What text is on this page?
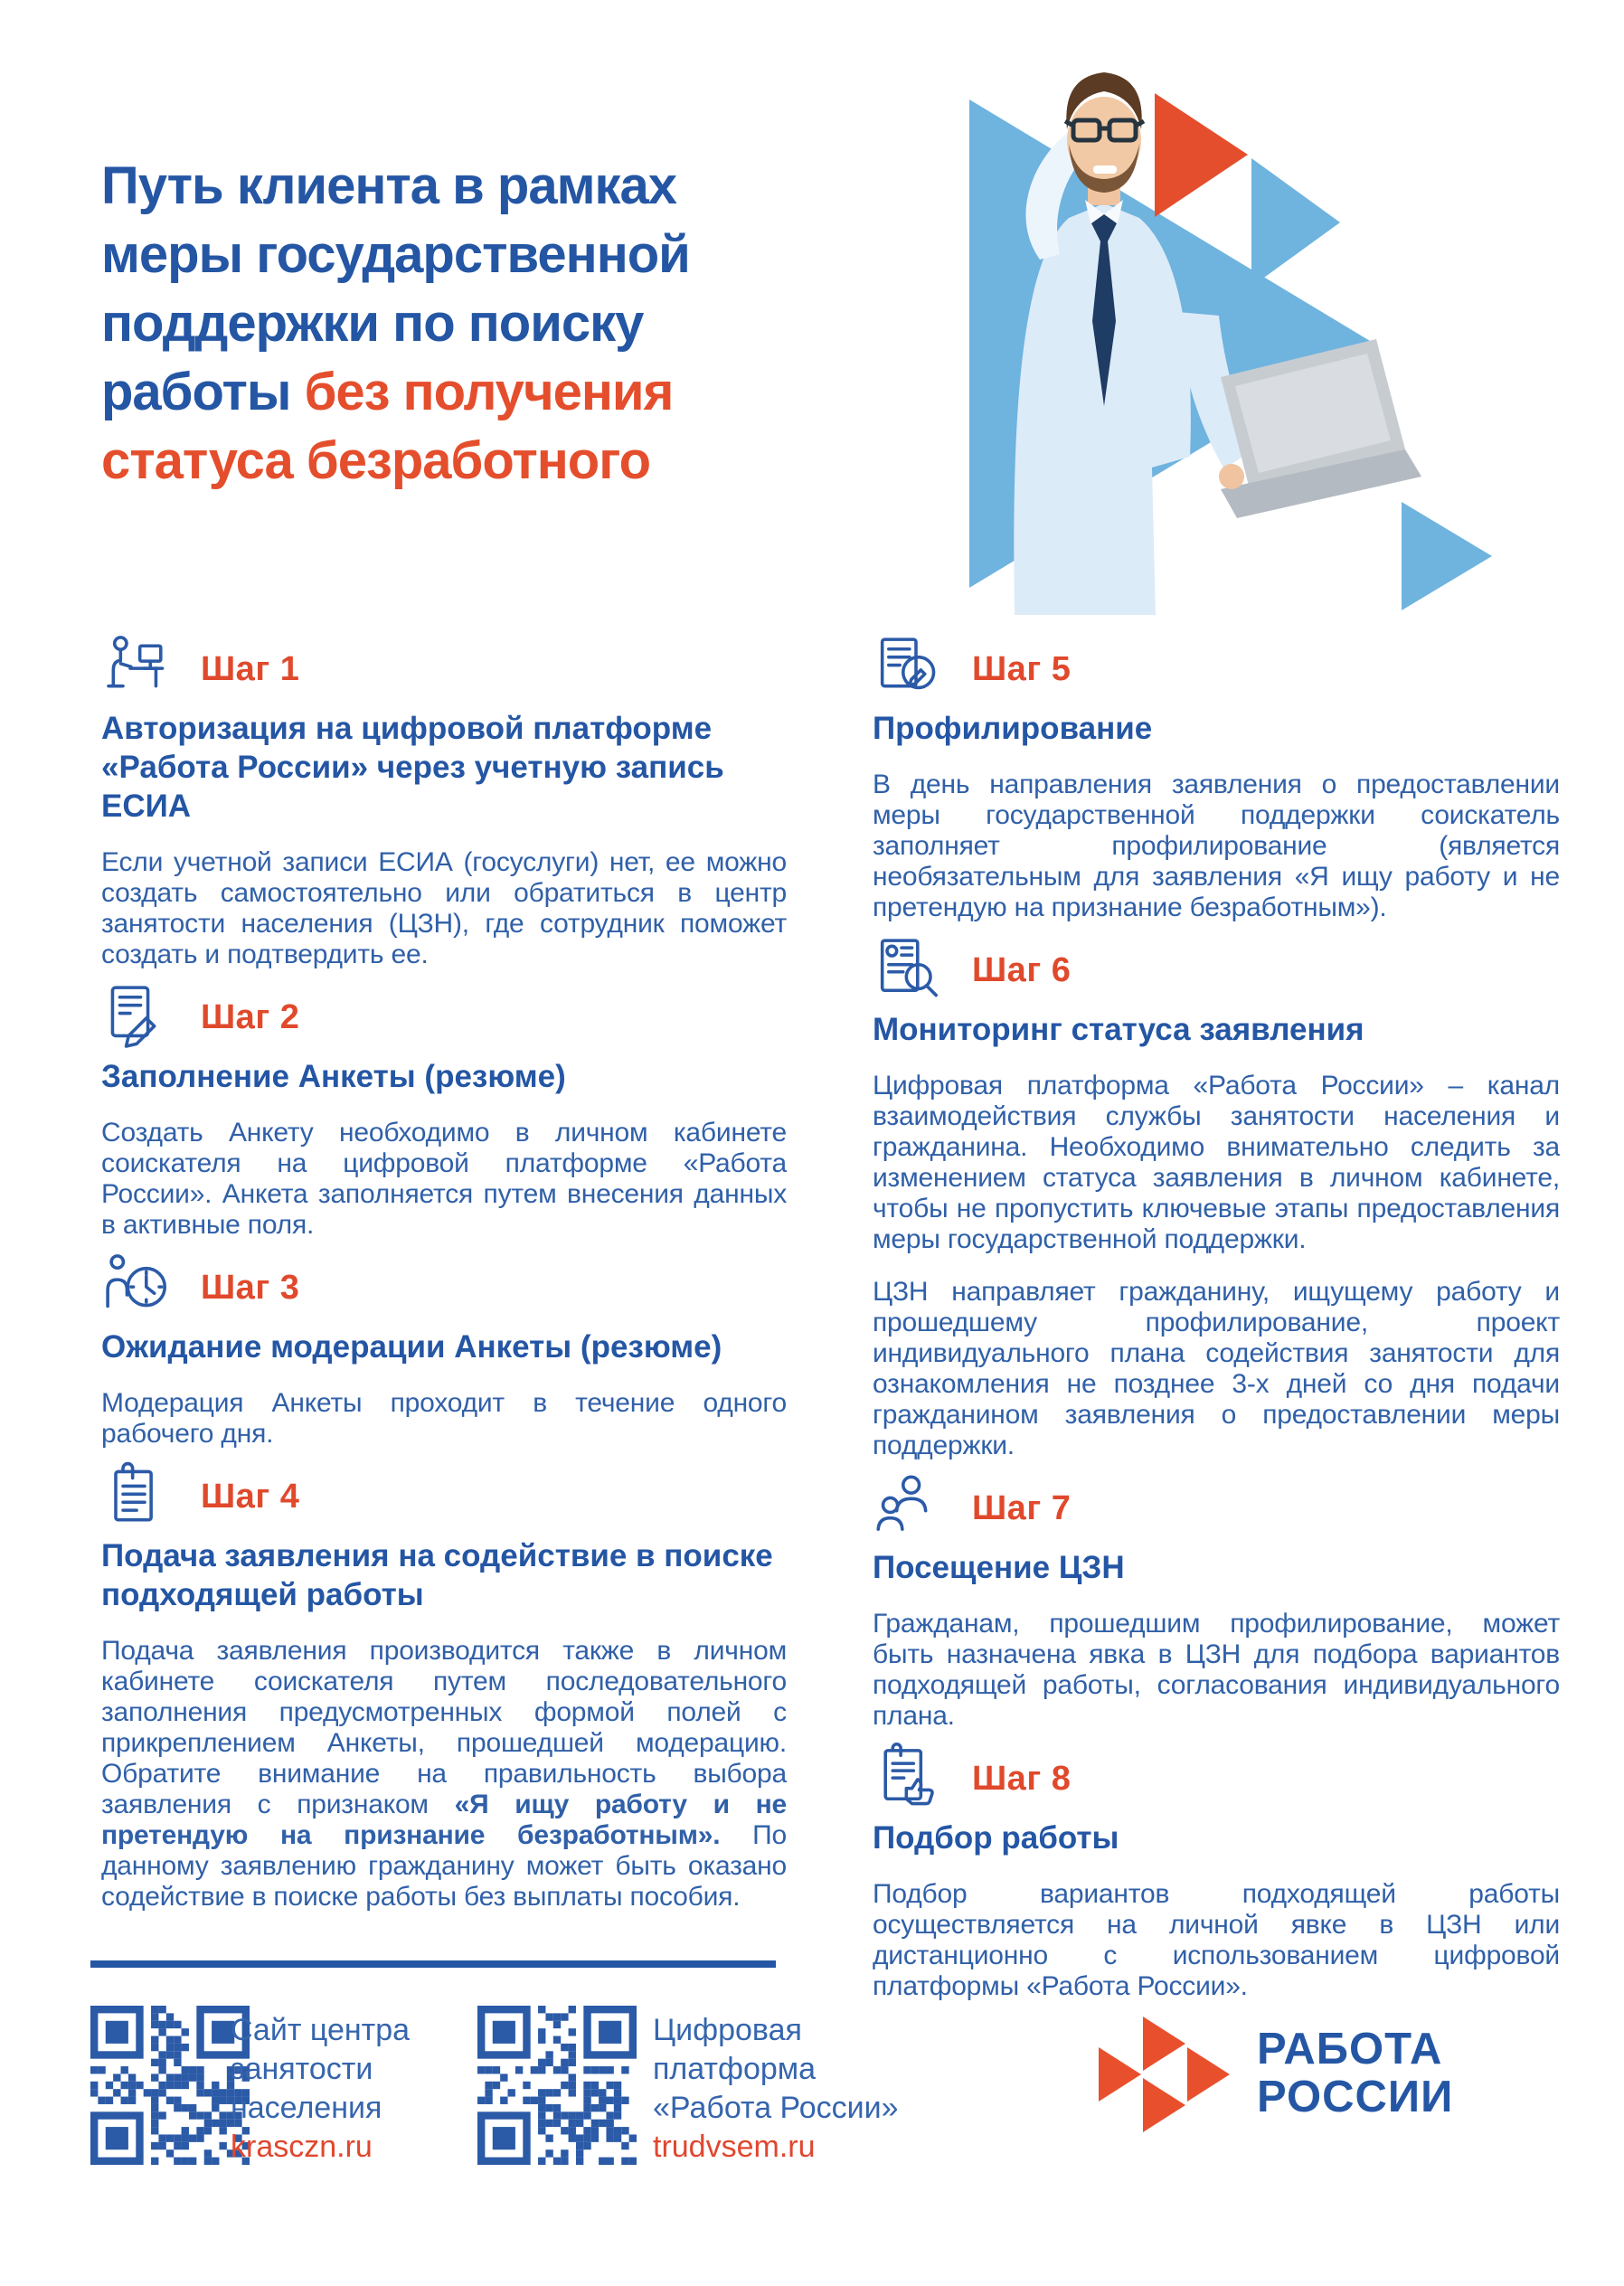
Путь клиента в рамках
меры государственной
поддержки по поиску
работы без получения
статуса безработного
Шаг 1
Авторизация на цифровой платформе «Работа России» через учетную запись ЕСИА

Если учетной записи ЕСИА (госуслуги) нет, ее можно создать самостоятельно или обратиться в центр занятости населения (ЦЗН), где сотрудник поможет создать и подтвердить ее.

Шаг 2
Заполнение Анкеты (резюме)

Создать Анкету необходимо в личном кабинете соискателя на цифровой платформе «Работа России». Анкета заполняется путем внесения данных в активные поля.

Шаг 3
Ожидание модерации Анкеты (резюме)

Модерация Анкеты проходит в течение одного рабочего дня.

Шаг 4
Подача заявления на содействие в поиске подходящей работы

Подача заявления производится также в личном кабинете соискателя путем последовательного заполнения предусмотренных формой полей с прикреплением Анкеты, прошедшей модерацию. Обратите внимание на правильность выбора заявления с признаком «Я ищу работу и не претендую на признание безработным». По данному заявлению гражданину может быть оказано содействие в поиске работы без выплаты пособия.

Шаг 5
Профилирование

В день направления заявления о предоставлении меры государственной поддержки соискатель заполняет профилирование (является необязательным для заявления «Я ищу работу и не претендую на признание безработным»).

Шаг 6
Мониторинг статуса заявления

Цифровая платформа «Работа России» – канал взаимодействия службы занятости населения и гражданина. Необходимо внимательно следить за изменением статуса заявления в личном кабинете, чтобы не пропустить ключевые этапы предоставления меры государственной поддержки.

ЦЗН направляет гражданину, ищущему работу и прошедшему профилирование, проект индивидуального плана содействия занятости для ознакомления не позднее 3-х дней со дня подачи гражданином заявления о предоставлении меры поддержки.

Шаг 7
Посещение ЦЗН

Гражданам, прошедшим профилирование, может быть назначена явка в ЦЗН для подбора вариантов подходящей работы, согласования индивидуального плана.

Шаг 8
Подбор работы

Подбор вариантов подходящей работы осуществляется на личной явке в ЦЗН или дистанционно с использованием цифровой платформы «Работа России».

Сайт центра
занятости
населения
krasczn.ru
Цифровая
платформа
«Работа России»
trudvsem.ru
РАБОТА
РОССИИ
